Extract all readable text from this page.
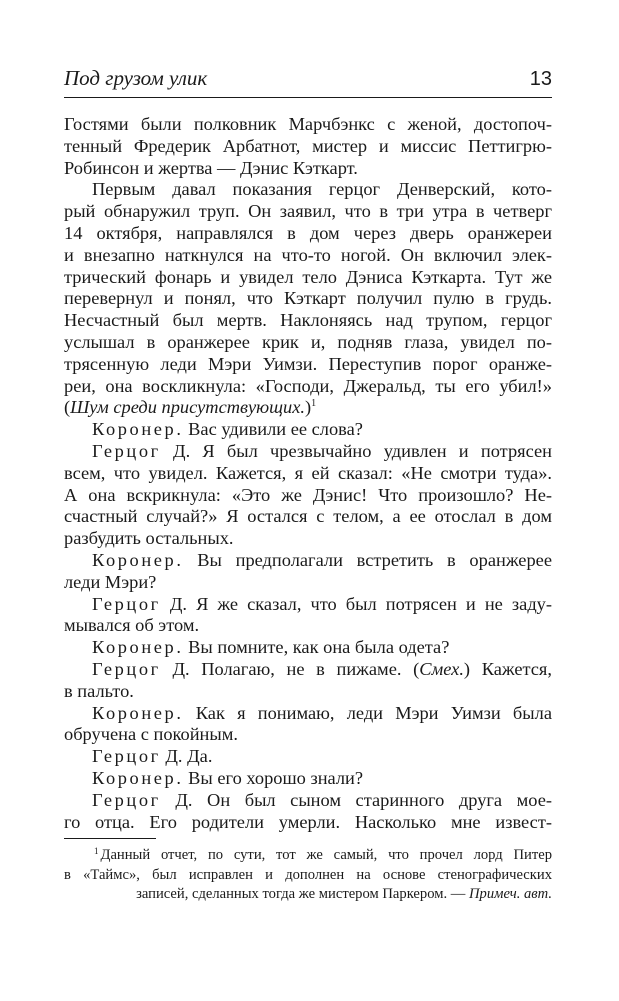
Под грузом улик	13
Гостями были полковник Марчбэнкс с женой, достопоч-
тенный Фредерик Арбатнот, мистер и миссис Петтигрю-
Робинсон и жертва — Дэнис Кэткарт.
Первым давал показания герцог Денверский, кото-
рый обнаружил труп. Он заявил, что в три утра в четверг
14 октября, направлялся в дом через дверь оранжереи
и внезапно наткнулся на что-то ногой. Он включил элек-
трический фонарь и увидел тело Дэниса Кэткарта. Тут же
перевернул и понял, что Кэткарт получил пулю в грудь.
Несчастный был мертв. Наклоняясь над трупом, герцог
услышал в оранжерее крик и, подняв глаза, увидел по-
трясенную леди Мэри Уимзи. Переступив порог оранже-
реи, она воскликнула: «Господи, Джеральд, ты его убил!»
(Шум среди присутствующих.)$^1$
Коронер. Вас удивили ее слова?
Герцог Д. Я был чрезвычайно удивлен и потрясен
всем, что увидел. Кажется, я ей сказал: «Не смотри туда».
А она вскрикнула: «Это же Дэнис! Что произошло? Не-
счастный случай?» Я остался с телом, а ее отослал в дом
разбудить остальных.
Коронер. Вы предполагали встретить в оранжерее
леди Мэри?
Герцог Д. Я же сказал, что был потрясен и не заду-
мывался об этом.
Коронер. Вы помните, как она была одета?
Герцог Д. Полагаю, не в пижаме. (Смех.) Кажется,
в пальто.
Коронер. Как я понимаю, леди Мэри Уимзи была
обручена с покойным.
Герцог Д. Да.
Коронер. Вы его хорошо знали?
Герцог Д. Он был сыном старинного друга мое-
го отца. Его родители умерли. Насколько мне извест-
$^1$ Данный отчет, по сути, тот же самый, что прочел лорд Питер
в «Таймс», был исправлен и дополнен на основе стенографических
записей, сделанных тогда же мистером Паркером. — Примеч. авт.
